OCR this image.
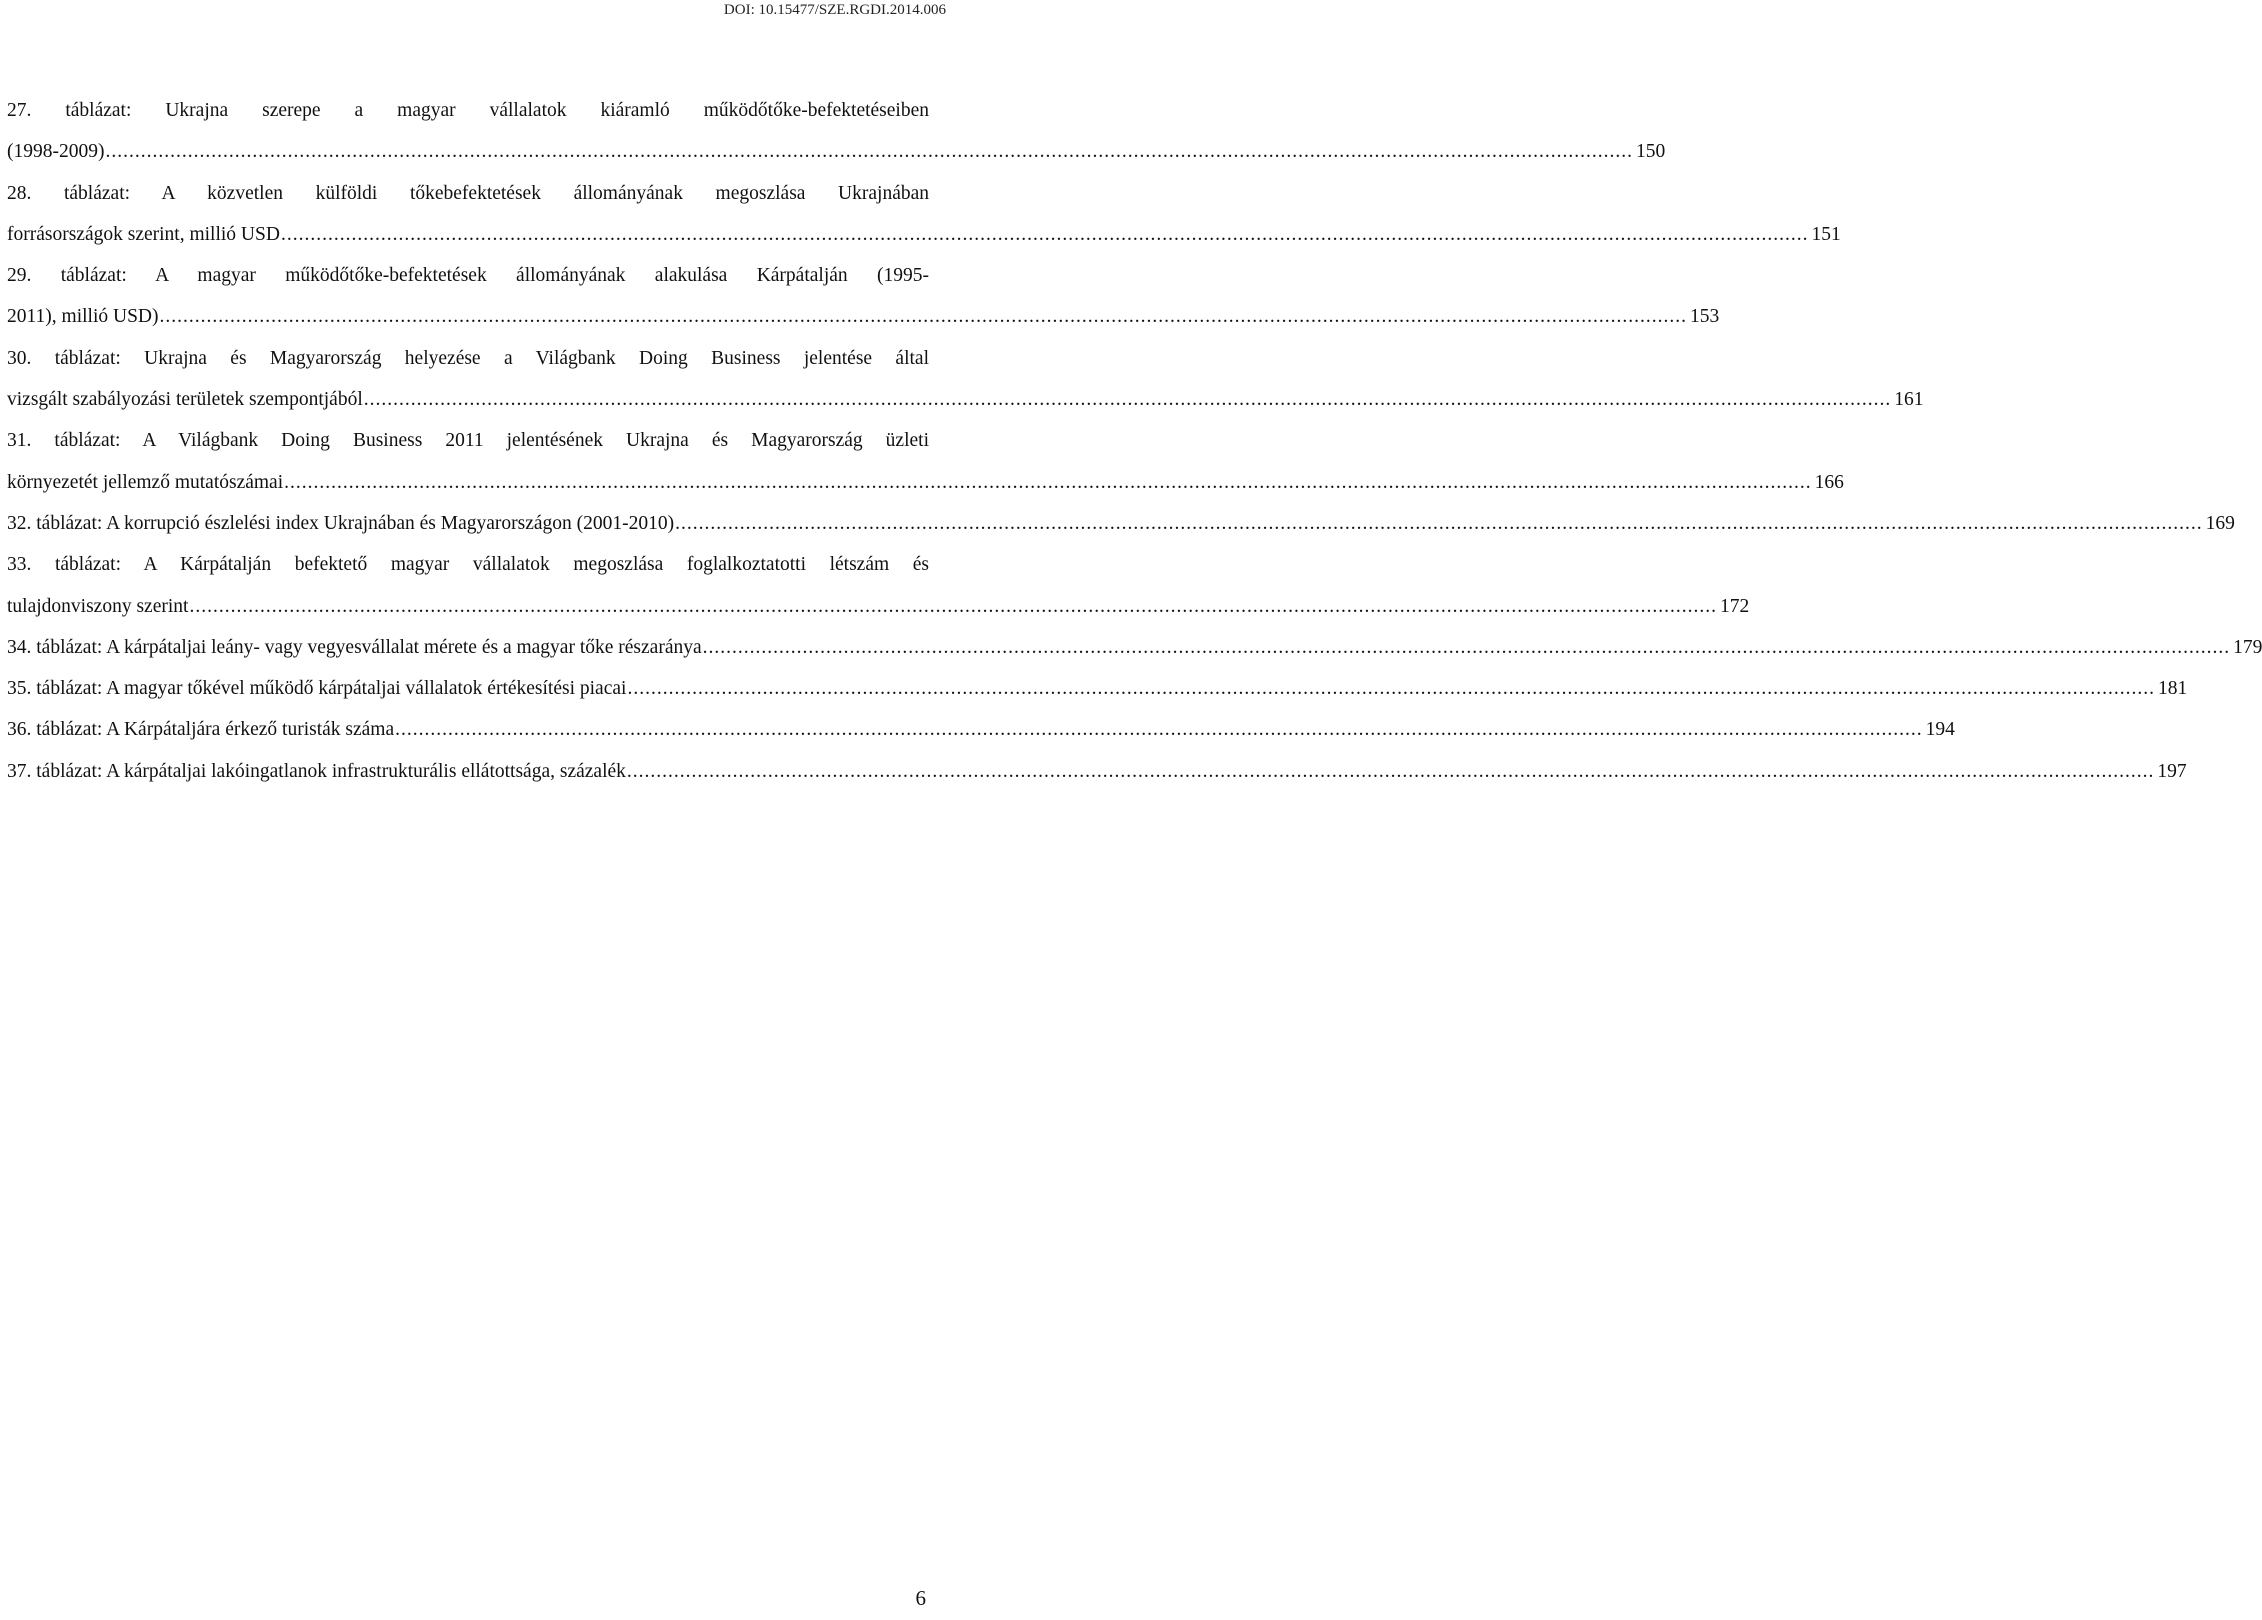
DOI: 10.15477/SZE.RGDI.2014.006
27. táblázat: Ukrajna szerepe a magyar vállalatok kiáramló működőtőke-befektetéseiben
(1998-2009) .....	150
28. táblázat: A közvetlen külföldi tőkebefektetések állományának megoszlása Ukrajnában
forrásországok szerint, millió USD .....	151
29. táblázat: A magyar működőtőke-befektetések állományának alakulása Kárpátalján (1995-
2011), millió USD) .....	153
30. táblázat: Ukrajna és Magyarország helyezése a Világbank Doing Business jelentése által
vizsgált szabályozási területek szempontjából .....	161
31. táblázat: A Világbank Doing Business 2011 jelentésének Ukrajna és Magyarország üzleti
környezetét jellemző mutatószámai .....	166
32. táblázat: A korrupció észlelési index Ukrajnában és Magyarországon (2001-2010) .....	169
33. táblázat: A Kárpátalján befektető magyar vállalatok megoszlása foglalkoztatotti létszám és
tulajdonviszony szerint .....	172
34. táblázat: A kárpátaljai leány- vagy vegyesvállalat mérete és a magyar tőke részaránya .....	179
35. táblázat: A magyar tőkével működő kárpátaljai vállalatok értékesítési piacai .....	181
36. táblázat: A Kárpátaljára érkező turisták száma .....	194
37. táblázat: A kárpátaljai lakóingatlanok infrastrukturális ellátottsága, százalék .....	197
6
